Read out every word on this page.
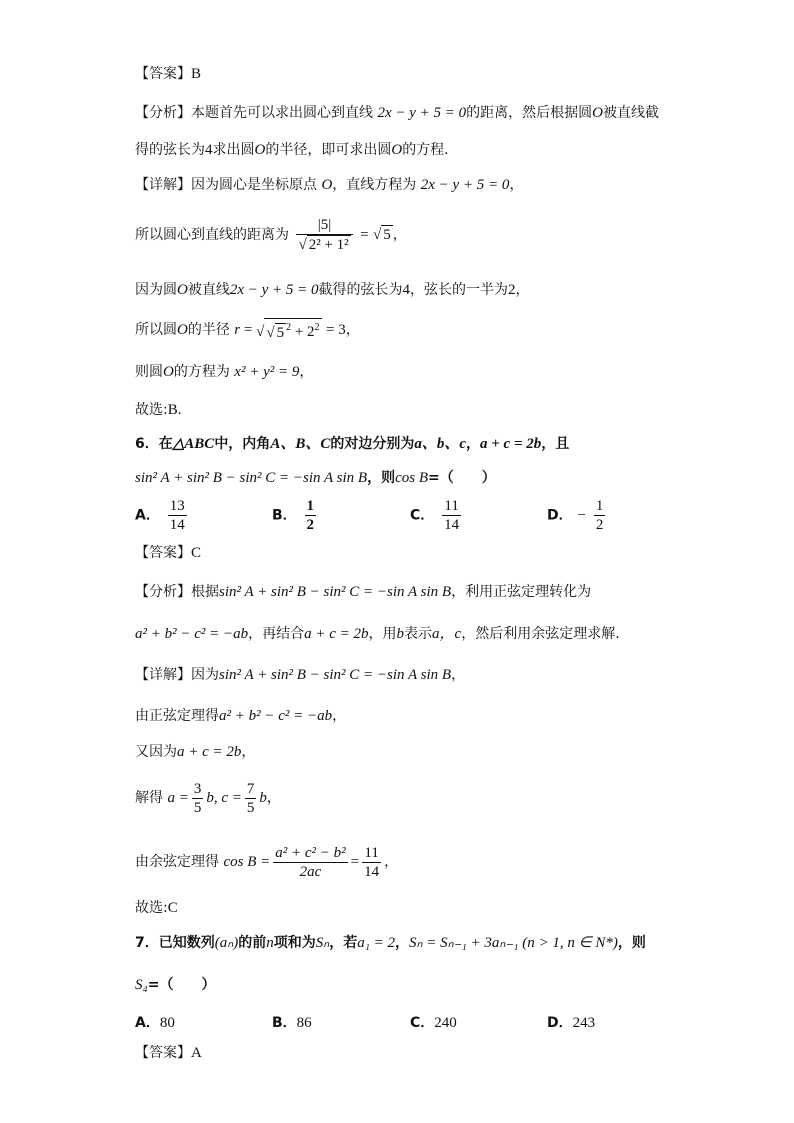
【答案】B
【分析】本题首先可以求出圆心到直线 2x − y + 5 = 0的距离，然后根据圆O被直线截
得的弦长为4求出圆O的半径，即可求出圆O的方程.
【详解】因为圆心是坐标原点 O，直线方程为 2x − y + 5 = 0，
所以圆心到直线的距离为 $\frac{|5|}{\text{√ 2² + 1²}}$ = √ 5 ，
因为圆O被直线2x − y + 5 = 0截得的弦长为4，弦长的一半为2，
所以圆O的半径 r = √ √ 5 $^2 + 2^2 = 3$，
则圆O的方程为 x² + y² = 9，
故选:B.
6．在△ABC中，内角A、B、C的对边分别为a、b、c，a + c = 2b，且
sin² A + sin² B − sin² C = −sin A sin B，则cos B=（　　）
A． $\frac{13}{14}$	B． $\frac{1}{2}$	C． $\frac{11}{14}$	D． − $\frac{1}{2}$
【答案】C
【分析】根据sin² A + sin² B − sin² C = −sin A sin B，利用正弦定理转化为
a² + b² − c² = −ab，再结合a + c = 2b，用b表示a，c，然后利用余弦定理求解.
【详解】因为sin² A + sin² B − sin² C = −sin A sin B，
由正弦定理得a² + b² − c² = −ab，
又因为a + c = 2b，
解得 $a = \frac{3}{5} b$, $c = \frac{7}{5}$ b，
由余弦定理得 $\cos B = \frac{\text{a² + c² − b²}}{2ac} = \frac{11}{14}$ ，
故选:C
7．已知数列(aₙ)的前n项和为Sₙ，若a₁ = 2，Sₙ = Sₙ₋₁ + 3aₙ₋₁ (n > 1, n ∈ N*)，则
S₄=（　　）
A．80	B．86	C．240	D．243
【答案】A
